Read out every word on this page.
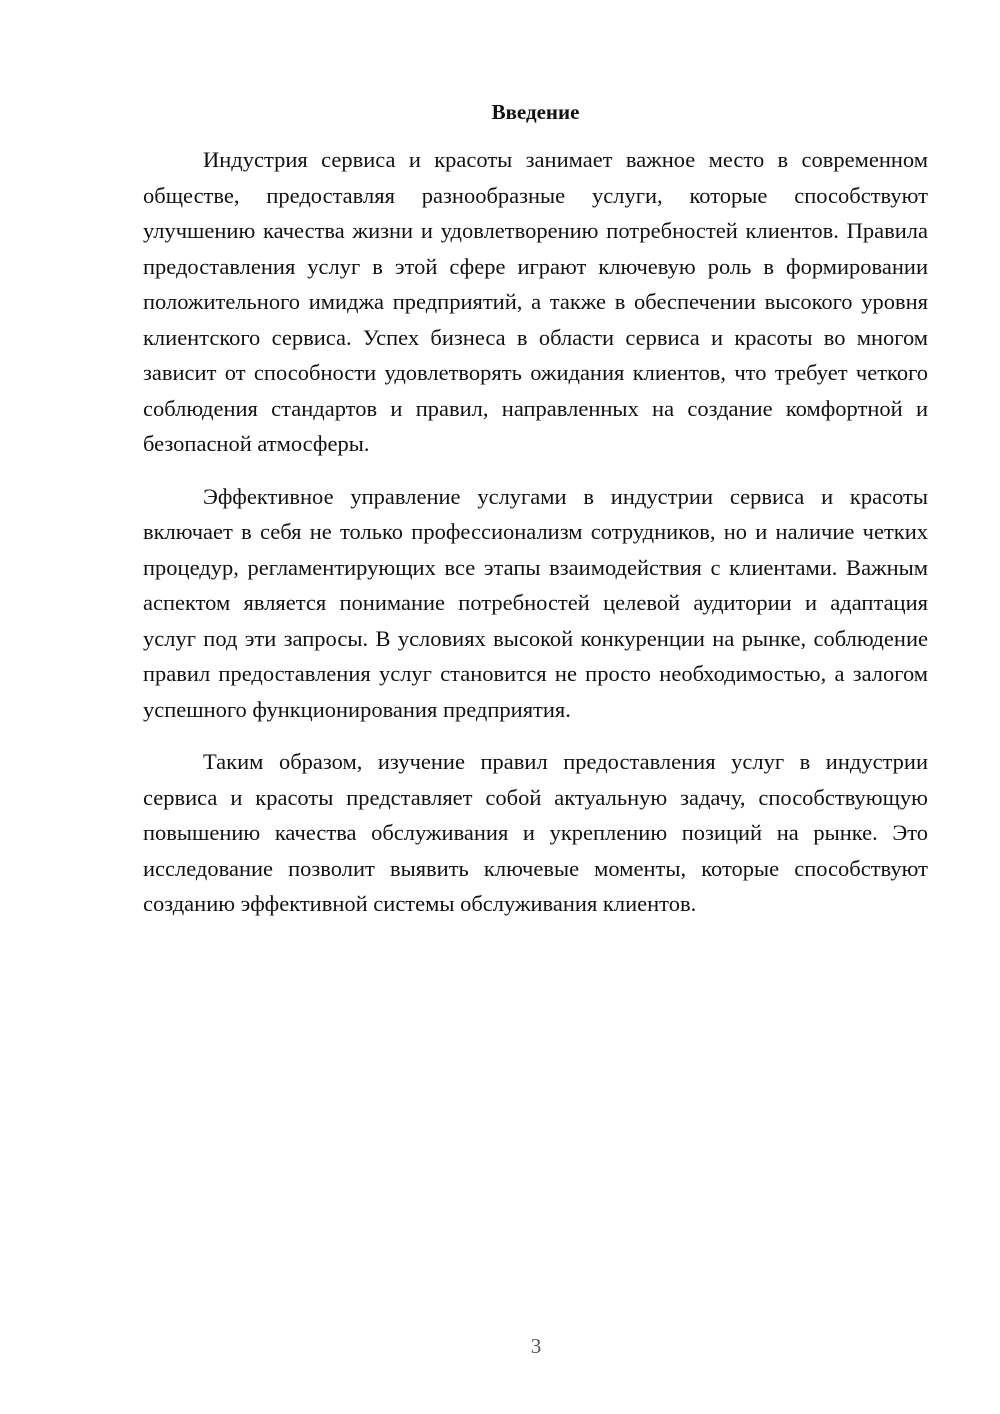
Введение

Индустрия сервиса и красоты занимает важное место в современном обществе, предоставляя разнообразные услуги, которые способствуют улучшению качества жизни и удовлетворению потребностей клиентов. Правила предоставления услуг в этой сфере играют ключевую роль в формировании положительного имиджа предприятий, а также в обеспечении высокого уровня клиентского сервиса. Успех бизнеса в области сервиса и красоты во многом зависит от способности удовлетворять ожидания клиентов, что требует четкого соблюдения стандартов и правил, направленных на создание комфортной и безопасной атмосферы.

Эффективное управление услугами в индустрии сервиса и красоты включает в себя не только профессионализм сотрудников, но и наличие четких процедур, регламентирующих все этапы взаимодействия с клиентами. Важным аспектом является понимание потребностей целевой аудитории и адаптация услуг под эти запросы. В условиях высокой конкуренции на рынке, соблюдение правил предоставления услуг становится не просто необходимостью, а залогом успешного функционирования предприятия.

Таким образом, изучение правил предоставления услуг в индустрии сервиса и красоты представляет собой актуальную задачу, способствующую повышению качества обслуживания и укреплению позиций на рынке. Это исследование позволит выявить ключевые моменты, которые способствуют созданию эффективной системы обслуживания клиентов.

3
